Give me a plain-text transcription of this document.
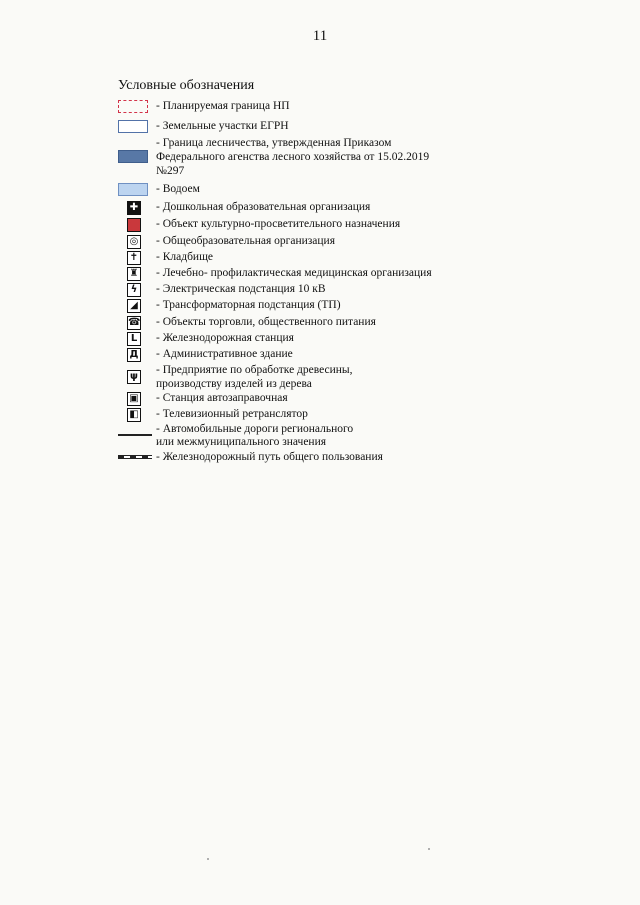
11
Условные обозначения
- Планируемая граница НП
- Земельные участки ЕГРН
- Граница лесничества, утвержденная Приказом
Федерального агенства лесного хозяйства от 15.02.2019
№297
- Водоем
✚ - Дошкольная образовательная организация
● - Объект культурно-просветительного назначения
◎ - Общеобразовательная организация
✝ - Кладбище
♜ - Лечебно- профилактическая медицинская организация
ϟ	- Электрическая подстанция 10 кВ
◢ - Трансформаторная подстанция (ТП)
☎ - Объекты торговли, общественного питания
L	- Железнодорожная станция
Д - Административное здание
ψ
- Предприятие по обработке древесины,
производству изделей из дерева
▣ - Станция автозаправочная
◧ - Телевизионный ретранслятор
- Автомобильные дороги регионального
или межмуниципального значения
- Железнодорожный путь общего пользования
